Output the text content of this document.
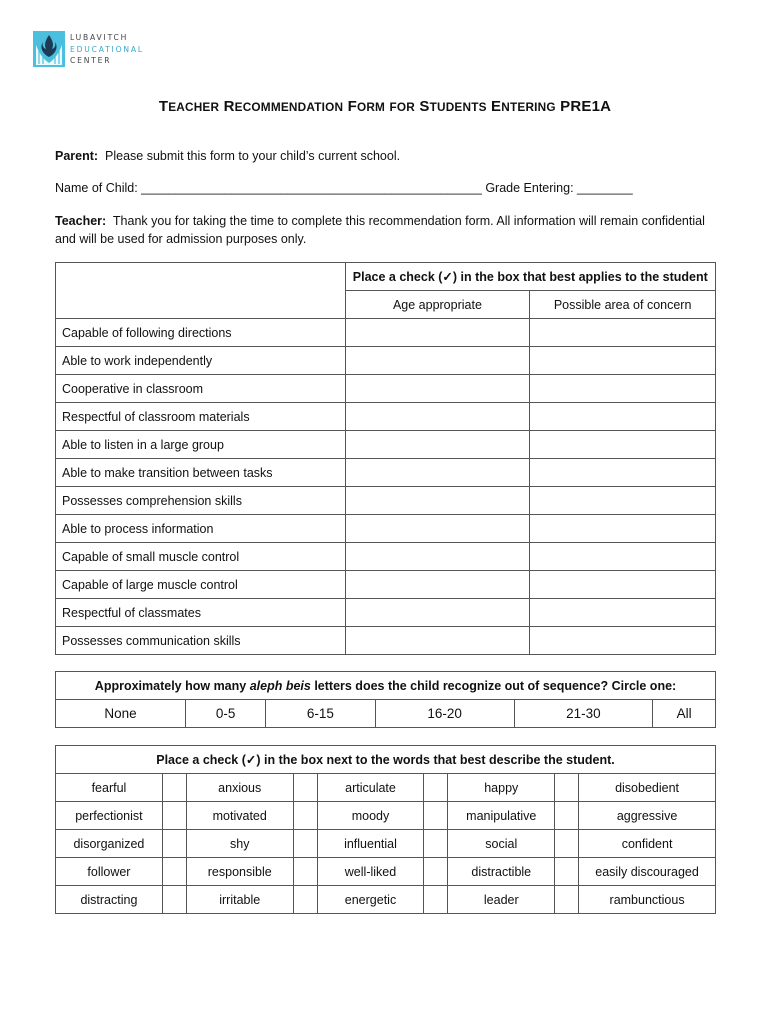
LUBAVITCH
EDUCATIONAL
CENTER
TEACHER RECOMMENDATION FORM FOR STUDENTS ENTERING PRE1A
Parent: Please submit this form to your child’s current school.
Name of Child: _________________________________________________ Grade Entering: ________
Teacher: Thank you for taking the time to complete this recommendation form. All information will remain confidential and will be used for admission purposes only.
	Place a check (✓) in the box that best applies to the student	
	Age appropriate	Possible area of concern
Capable of following directions		
Able to work independently		
Cooperative in classroom		
Respectful of classroom materials		
Able to listen in a large group		
Able to make transition between tasks		
Possesses comprehension skills		
Able to process information		
Capable of small muscle control		
Capable of large muscle control		
Respectful of classmates		
Possesses communication skills		
Approximately how many aleph beis letters does the child recognize out of sequence? Circle one:
None	0-5	6-15	16-20	21-30	All
Place a check (✓) in the box next to the words that best describe the student.								
fearful		anxious		articulate		happy		disobedient
perfectionist		motivated		moody		manipulative		aggressive
disorganized		shy		influential		social		confident
follower		responsible		well-liked		distractible		easily discouraged
distracting		irritable		energetic		leader		rambunctious
